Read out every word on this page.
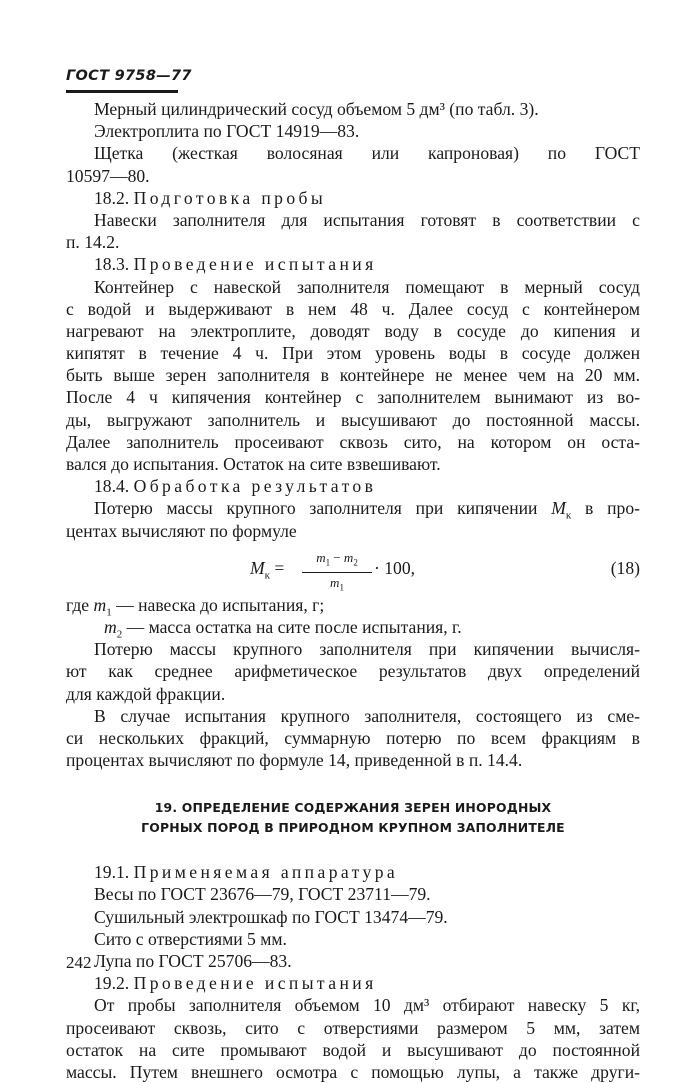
ГОСТ 9758—77
Мерный цилиндрический сосуд объемом 5 дм³ (по табл. 3).
Электроплита по ГОСТ 14919—83.
Щетка (жесткая волосяная или капроновая) по ГОСТ
10597—80.
18.2. Подготовка пробы
Навески заполнителя для испытания готовят в соответствии с
п. 14.2.
18.3. Проведение испытания
Контейнер с навеской заполнителя помещают в мерный сосуд
с водой и выдерживают в нем 48 ч. Далее сосуд с контейнером
нагревают на электроплите, доводят воду в сосуде до кипения и
кипятят в течение 4 ч. При этом уровень воды в сосуде должен
быть выше зерен заполнителя в контейнере не менее чем на 20 мм.
После 4 ч кипячения контейнер с заполнителем вынимают из во-
ды, выгружают заполнитель и высушивают до постоянной массы.
Далее заполнитель просеивают сквозь сито, на котором он оста-
вался до испытания. Остаток на сите взвешивают.
18.4. Обработка результатов
Потерю массы крупного заполнителя при кипячении $M_к$ в про-
центах вычисляют по формуле
$M_к$ =
$m_1 - m_2$
$m_1$
· 100,	(18)
где $m_1$ — навеска до испытания, г;
$m_2$ — масса остатка на сите после испытания, г.
Потерю массы крупного заполнителя при кипячении вычисля-
ют как среднее арифметическое результатов двух определений
для каждой фракции.
В случае испытания крупного заполнителя, состоящего из сме-
си нескольких фракций, суммарную потерю по всем фракциям в
процентах вычисляют по формуле 14, приведенной в п. 14.4.
19. ОПРЕДЕЛЕНИЕ СОДЕРЖАНИЯ ЗЕРЕН ИНОРОДНЫХ
ГОРНЫХ ПОРОД В ПРИРОДНОМ КРУПНОМ ЗАПОЛНИТЕЛЕ
19.1. Применяемая аппаратура
Весы по ГОСТ 23676—79, ГОСТ 23711—79.
Сушильный электрошкаф по ГОСТ 13474—79.
Сито с отверстиями 5 мм.
Лупа по ГОСТ 25706—83.
19.2. Проведение испытания
От пробы заполнителя объемом 10 дм³ отбирают навеску 5 кг,
просеивают сквозь, сито с отверстиями размером 5 мм, затем
остаток на сите промывают водой и высушивают до постоянной
массы. Путем внешнего осмотра с помощью лупы, а также други-
242
